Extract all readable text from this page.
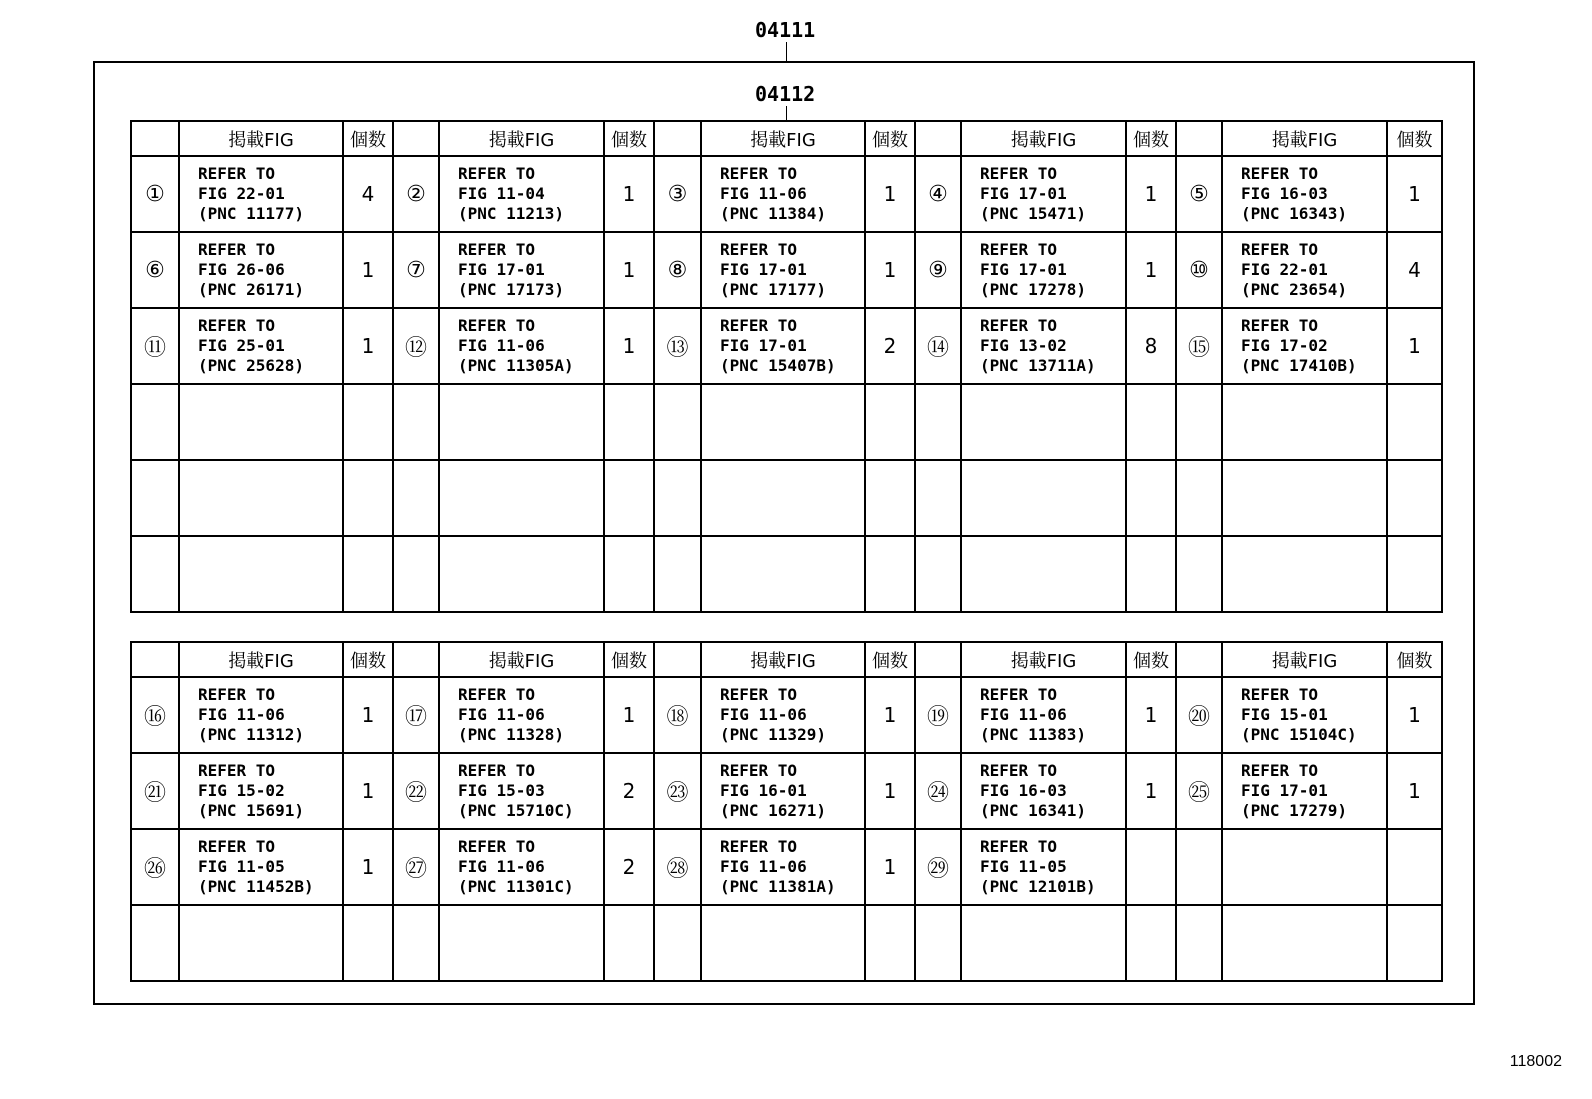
04111
04112
	掲載FIG	個数		掲載FIG	個数		掲載FIG	個数		掲載FIG	個数		掲載FIG	個数
①	REFER TO
FIG 22-01
(PNC 11177)	4	②	REFER TO
FIG 11-04
(PNC 11213)	1	③	REFER TO
FIG 11-06
(PNC 11384)	1	④	REFER TO
FIG 17-01
(PNC 15471)	1	⑤	REFER TO
FIG 16-03
(PNC 16343)	1
⑥	REFER TO
FIG 26-06
(PNC 26171)	1	⑦	REFER TO
FIG 17-01
(PNC 17173)	1	⑧	REFER TO
FIG 17-01
(PNC 17177)	1	⑨	REFER TO
FIG 17-01
(PNC 17278)	1	⑩	REFER TO
FIG 22-01
(PNC 23654)	4
⑪	REFER TO
FIG 25-01
(PNC 25628)	1	⑫	REFER TO
FIG 11-06
(PNC 11305A)	1	⑬	REFER TO
FIG 17-01
(PNC 15407B)	2	⑭	REFER TO
FIG 13-02
(PNC 13711A)	8	⑮	REFER TO
FIG 17-02
(PNC 17410B)	1

	掲載FIG	個数		掲載FIG	個数		掲載FIG	個数		掲載FIG	個数		掲載FIG	個数
⑯	REFER TO
FIG 11-06
(PNC 11312)	1	⑰	REFER TO
FIG 11-06
(PNC 11328)	1	⑱	REFER TO
FIG 11-06
(PNC 11329)	1	⑲	REFER TO
FIG 11-06
(PNC 11383)	1	⑳	REFER TO
FIG 15-01
(PNC 15104C)	1
㉑	REFER TO
FIG 15-02
(PNC 15691)	1	㉒	REFER TO
FIG 15-03
(PNC 15710C)	2	㉓	REFER TO
FIG 16-01
(PNC 16271)	1	㉔	REFER TO
FIG 16-03
(PNC 16341)	1	㉕	REFER TO
FIG 17-01
(PNC 17279)	1
㉖	REFER TO
FIG 11-05
(PNC 11452B)	1	㉗	REFER TO
FIG 11-06
(PNC 11301C)	2	㉘	REFER TO
FIG 11-06
(PNC 11381A)	1	㉙	REFER TO
FIG 11-05
(PNC 12101B)				

118002
